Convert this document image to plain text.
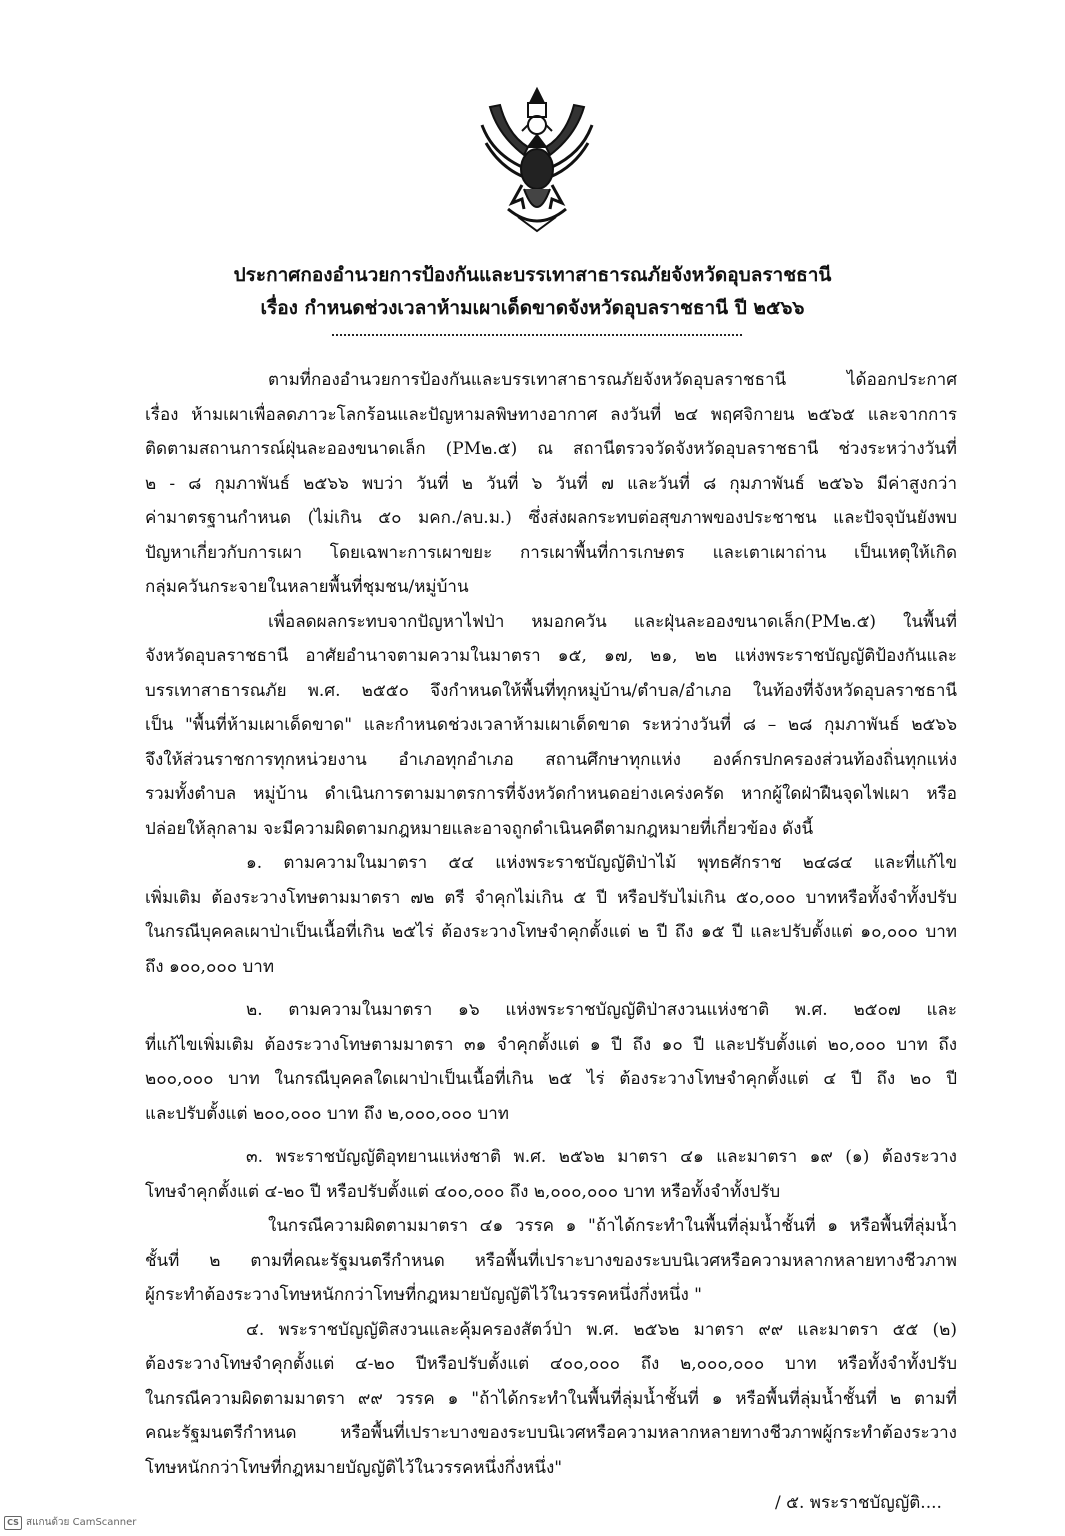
ประกาศกองอำนวยการป้องกันและบรรเทาสาธารณภัยจังหวัดอุบลราชธานี
เรื่อง กำหนดช่วงเวลาห้ามเผาเด็ดขาดจังหวัดอุบลราชธานี ปี ๒๕๖๖
ตามที่กองอำนวยการป้องกันและบรรเทาสาธารณภัยจังหวัดอุบลราชธานี ได้ออกประกาศ
เรื่อง ห้ามเผาเพื่อลดภาวะโลกร้อนและปัญหามลพิษทางอากาศ ลงวันที่ ๒๔ พฤศจิกายน ๒๕๖๕ และจากการ
ติดตามสถานการณ์ฝุ่นละอองขนาดเล็ก (PM๒.๕) ณ สถานีตรวจวัดจังหวัดอุบลราชธานี ช่วงระหว่างวันที่
๒ - ๘ กุมภาพันธ์ ๒๕๖๖ พบว่า วันที่ ๒ วันที่ ๖ วันที่ ๗ และวันที่ ๘ กุมภาพันธ์ ๒๕๖๖ มีค่าสูงกว่า
ค่ามาตรฐานกำหนด (ไม่เกิน ๕๐ มคก./ลบ.ม.) ซึ่งส่งผลกระทบต่อสุขภาพของประชาชน และปัจจุบันยังพบ
ปัญหาเกี่ยวกับการเผา โดยเฉพาะการเผาขยะ การเผาพื้นที่การเกษตร และเตาเผาถ่าน เป็นเหตุให้เกิด
กลุ่มควันกระจายในหลายพื้นที่ชุมชน/หมู่บ้าน
เพื่อลดผลกระทบจากปัญหาไฟป่า หมอกควัน และฝุ่นละอองขนาดเล็ก(PM๒.๕) ในพื้นที่
จังหวัดอุบลราชธานี อาศัยอำนาจตามความในมาตรา ๑๕, ๑๗, ๒๑, ๒๒ แห่งพระราชบัญญัติป้องกันและ
บรรเทาสาธารณภัย พ.ศ. ๒๕๕๐ จึงกำหนดให้พื้นที่ทุกหมู่บ้าน/ตำบล/อำเภอ ในท้องที่จังหวัดอุบลราชธานี
เป็น "พื้นที่ห้ามเผาเด็ดขาด" และกำหนดช่วงเวลาห้ามเผาเด็ดขาด ระหว่างวันที่ ๘ – ๒๘ กุมภาพันธ์ ๒๕๖๖
จึงให้ส่วนราชการทุกหน่วยงาน อำเภอทุกอำเภอ สถานศึกษาทุกแห่ง องค์กรปกครองส่วนท้องถิ่นทุกแห่ง
รวมทั้งตำบล หมู่บ้าน ดำเนินการตามมาตรการที่จังหวัดกำหนดอย่างเคร่งครัด หากผู้ใดฝ่าฝืนจุดไฟเผา หรือ
ปล่อยให้ลุกลาม จะมีความผิดตามกฎหมายและอาจถูกดำเนินคดีตามกฎหมายที่เกี่ยวข้อง ดังนี้
๑. ตามความในมาตรา ๕๔ แห่งพระราชบัญญัติป่าไม้ พุทธศักราช ๒๔๘๔ และที่แก้ไข
เพิ่มเติม ต้องระวางโทษตามมาตรา ๗๒ ตรี จำคุกไม่เกิน ๕ ปี หรือปรับไม่เกิน ๕๐,๐๐๐ บาทหรือทั้งจำทั้งปรับ
ในกรณีบุคคลเผาป่าเป็นเนื้อที่เกิน ๒๕ไร่ ต้องระวางโทษจำคุกตั้งแต่ ๒ ปี ถึง ๑๕ ปี และปรับตั้งแต่ ๑๐,๐๐๐ บาท
ถึง ๑๐๐,๐๐๐ บาท
๒. ตามความในมาตรา ๑๖ แห่งพระราชบัญญัติป่าสงวนแห่งชาติ พ.ศ. ๒๕๐๗ และ
ที่แก้ไขเพิ่มเติม ต้องระวางโทษตามมาตรา ๓๑ จำคุกตั้งแต่ ๑ ปี ถึง ๑๐ ปี และปรับตั้งแต่ ๒๐,๐๐๐ บาท ถึง
๒๐๐,๐๐๐ บาท ในกรณีบุคคลใดเผาป่าเป็นเนื้อที่เกิน ๒๕ ไร่ ต้องระวางโทษจำคุกตั้งแต่ ๔ ปี ถึง ๒๐ ปี
และปรับตั้งแต่ ๒๐๐,๐๐๐ บาท ถึง ๒,๐๐๐,๐๐๐ บาท
๓. พระราชบัญญัติอุทยานแห่งชาติ พ.ศ. ๒๕๖๒ มาตรา ๔๑ และมาตรา ๑๙ (๑) ต้องระวาง
โทษจำคุกตั้งแต่ ๔-๒๐ ปี หรือปรับตั้งแต่ ๔๐๐,๐๐๐ ถึง ๒,๐๐๐,๐๐๐ บาท หรือทั้งจำทั้งปรับ
ในกรณีความผิดตามมาตรา ๔๑ วรรค ๑ "ถ้าได้กระทำในพื้นที่ลุ่มน้ำชั้นที่ ๑ หรือพื้นที่ลุ่มน้ำ
ชั้นที่ ๒ ตามที่คณะรัฐมนตรีกำหนด หรือพื้นที่เปราะบางของระบบนิเวศหรือความหลากหลายทางชีวภาพ
ผู้กระทำต้องระวางโทษหนักกว่าโทษที่กฎหมายบัญญัติไว้ในวรรคหนึ่งกึ่งหนึ่ง "
๔. พระราชบัญญัติสงวนและคุ้มครองสัตว์ป่า พ.ศ. ๒๕๖๒ มาตรา ๙๙ และมาตรา ๕๕ (๒)
ต้องระวางโทษจำคุกตั้งแต่ ๔-๒๐ ปีหรือปรับตั้งแต่ ๔๐๐,๐๐๐ ถึง ๒,๐๐๐,๐๐๐ บาท หรือทั้งจำทั้งปรับ
ในกรณีความผิดตามมาตรา ๙๙ วรรค ๑ "ถ้าได้กระทำในพื้นที่ลุ่มน้ำชั้นที่ ๑ หรือพื้นที่ลุ่มน้ำชั้นที่ ๒ ตามที่
คณะรัฐมนตรีกำหนด หรือพื้นที่เปราะบางของระบบนิเวศหรือความหลากหลายทางชีวภาพผู้กระทำต้องระวาง
โทษหนักกว่าโทษที่กฎหมายบัญญัติไว้ในวรรคหนึ่งกึ่งหนึ่ง"
/ ๕. พระราชบัญญัติ....
CS สแกนด้วย CamScanner
